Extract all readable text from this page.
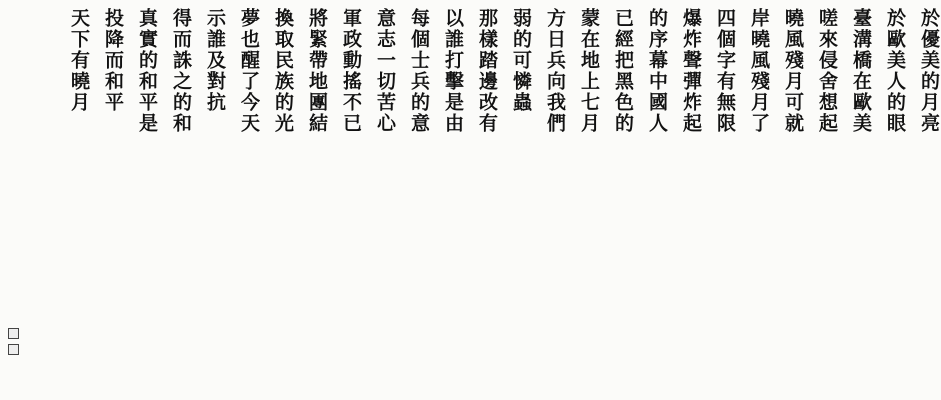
於優美的月亮
於歐美人的眼
臺溝橋在歐美
嗟來侵舍想起
曉風殘月可就
岸曉風殘月了
四個字有無限
爆炸聲彈炸起
的序幕中國人
已經把黑色的
蒙在地上七月
方日兵向我們
弱的可憐蟲
那樣踏邊改有
以誰打擊是由
每個士兵的意
意志一切苦心
軍政動搖不已
將緊帶地團結
換取民族的光
夢也醒了今天
示誰及對抗
得而誅之的和
真實的和平是
投降而和平
天下有曉月
